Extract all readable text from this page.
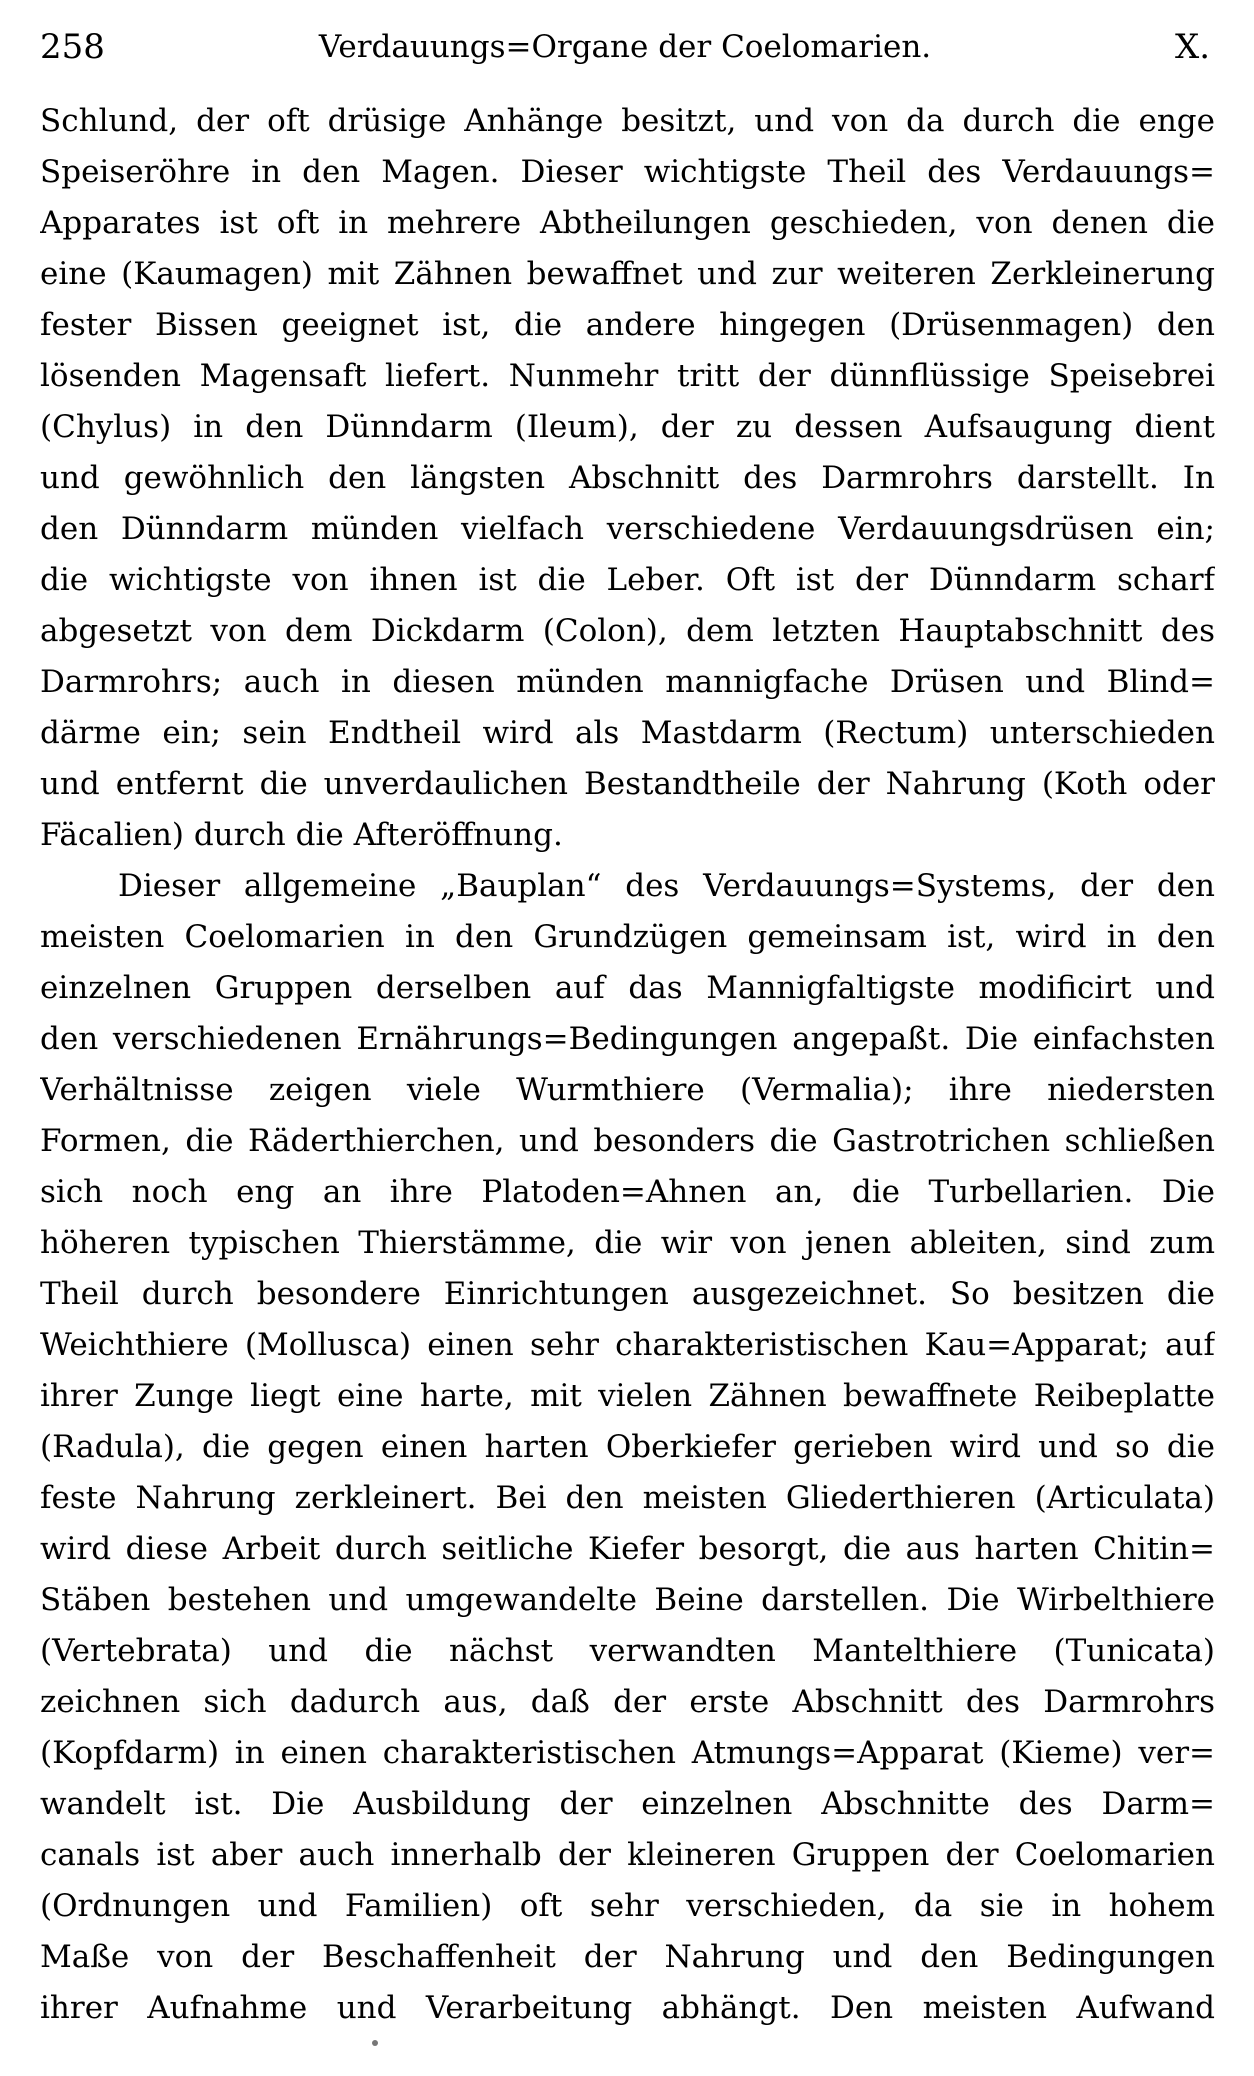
258	Verdauungs=Organe der Coelomarien.	X.
Schlund, der oft drüsige Anhänge besitzt, und von da durch die enge
Speiseröhre in den Magen. Dieser wichtigste Theil des Verdauungs=
Apparates ist oft in mehrere Abtheilungen geschieden, von denen die
eine (Kaumagen) mit Zähnen bewaffnet und zur weiteren Zerkleinerung
fester Bissen geeignet ist, die andere hingegen (Drüsenmagen) den
lösenden Magensaft liefert. Nunmehr tritt der dünnflüssige Speisebrei
(Chylus) in den Dünndarm (Ileum), der zu dessen Aufsaugung dient
und gewöhnlich den längsten Abschnitt des Darmrohrs darstellt. In
den Dünndarm münden vielfach verschiedene Verdauungsdrüsen ein;
die wichtigste von ihnen ist die Leber. Oft ist der Dünndarm scharf
abgesetzt von dem Dickdarm (Colon), dem letzten Hauptabschnitt des
Darmrohrs; auch in diesen münden mannigfache Drüsen und Blind=
därme ein; sein Endtheil wird als Mastdarm (Rectum) unterschieden
und entfernt die unverdaulichen Bestandtheile der Nahrung (Koth oder
Fäcalien) durch die Afteröffnung.
Dieser allgemeine „Bauplan“ des Verdauungs=Systems, der den
meisten Coelomarien in den Grundzügen gemeinsam ist, wird in den
einzelnen Gruppen derselben auf das Mannigfaltigste modificirt und
den verschiedenen Ernährungs=Bedingungen angepaßt. Die einfachsten
Verhältnisse zeigen viele Wurmthiere (Vermalia); ihre niedersten
Formen, die Räderthierchen, und besonders die Gastrotrichen schließen
sich noch eng an ihre Platoden=Ahnen an, die Turbellarien. Die
höheren typischen Thierstämme, die wir von jenen ableiten, sind zum
Theil durch besondere Einrichtungen ausgezeichnet. So besitzen die
Weichthiere (Mollusca) einen sehr charakteristischen Kau=Apparat; auf
ihrer Zunge liegt eine harte, mit vielen Zähnen bewaffnete Reibeplatte
(Radula), die gegen einen harten Oberkiefer gerieben wird und so die
feste Nahrung zerkleinert. Bei den meisten Gliederthieren (Articulata)
wird diese Arbeit durch seitliche Kiefer besorgt, die aus harten Chitin=
Stäben bestehen und umgewandelte Beine darstellen. Die Wirbelthiere
(Vertebrata) und die nächst verwandten Mantelthiere (Tunicata)
zeichnen sich dadurch aus, daß der erste Abschnitt des Darmrohrs
(Kopfdarm) in einen charakteristischen Atmungs=Apparat (Kieme) ver=
wandelt ist. Die Ausbildung der einzelnen Abschnitte des Darm=
canals ist aber auch innerhalb der kleineren Gruppen der Coelomarien
(Ordnungen und Familien) oft sehr verschieden, da sie in hohem
Maße von der Beschaffenheit der Nahrung und den Bedingungen
ihrer Aufnahme und Verarbeitung abhängt. Den meisten Aufwand
